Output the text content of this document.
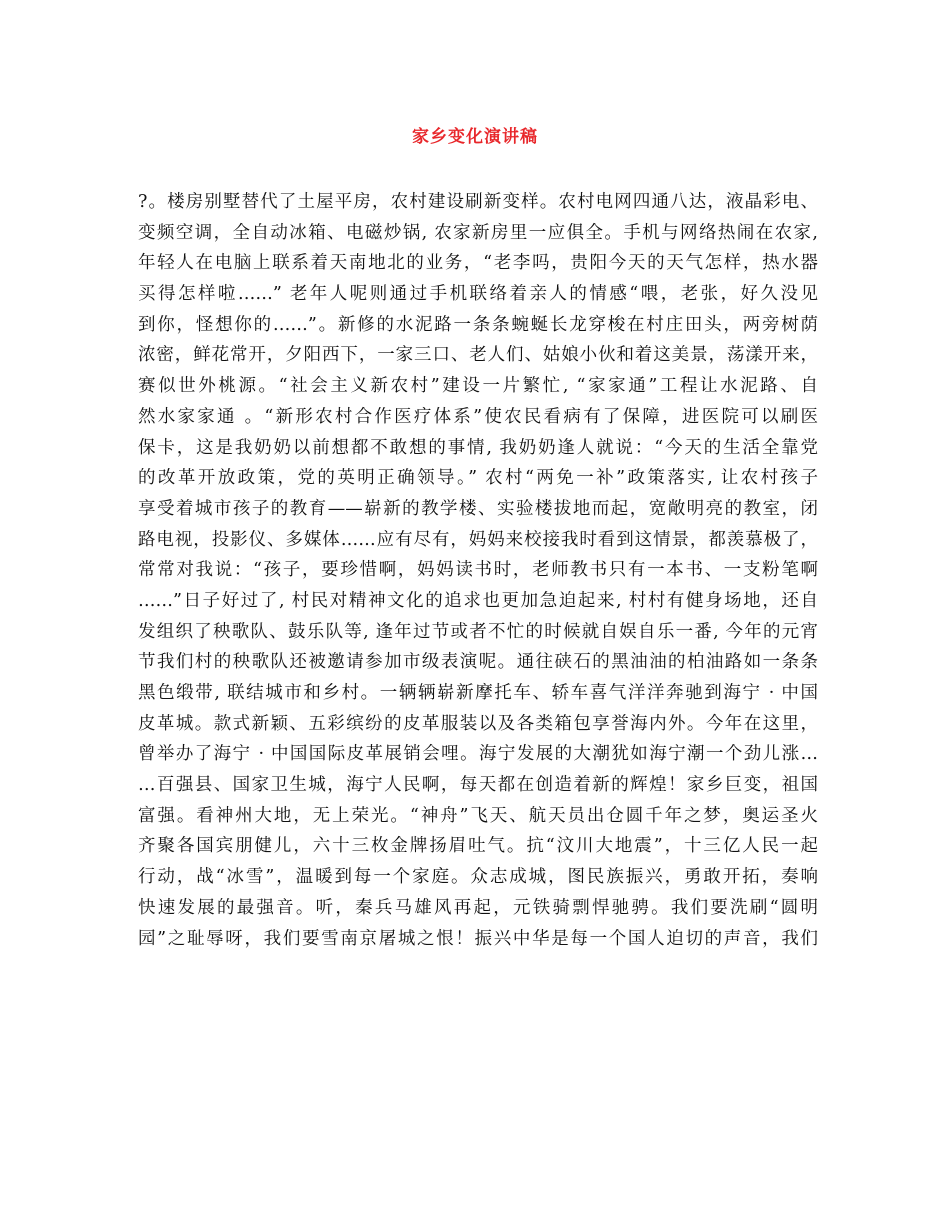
家乡变化演讲稿
?。楼房别墅替代了土屋平房，农村建设刷新变样。农村电网四通八达，液晶彩电、
变频空调，全自动冰箱、电磁炒锅, 农家新房里一应俱全。手机与网络热闹在农家,
年轻人在电脑上联系着天南地北的业务，“老李吗，贵阳今天的天气怎样，热水器
买得怎样啦……” 老年人呢则通过手机联络着亲人的情感“喂，老张，好久没见
到你，怪想你的……”。新修的水泥路一条条蜿蜒长龙穿梭在村庄田头，两旁树荫
浓密，鲜花常开，夕阳西下，一家三口、老人们、姑娘小伙和着这美景，荡漾开来，
赛似世外桃源。“社会主义新农村”建设一片繁忙, “家家通”工程让水泥路、自
然水家家通 。“新形农村合作医疗体系”使农民看病有了保障，进医院可以刷医
保卡，这是我奶奶以前想都不敢想的事情, 我奶奶逢人就说：“今天的生活全靠党
的改革开放政策，党的英明正确领导。” 农村“两免一补”政策落实, 让农村孩子
享受着城市孩子的教育——崭新的教学楼、实验楼拔地而起，宽敞明亮的教室，闭
路电视，投影仪、多媒体……应有尽有，妈妈来校接我时看到这情景，都羡慕极了，
常常对我说：“孩子，要珍惜啊，妈妈读书时，老师教书只有一本书、一支粉笔啊
……”日子好过了, 村民对精神文化的追求也更加急迫起来, 村村有健身场地，还自
发组织了秧歌队、鼓乐队等, 逢年过节或者不忙的时候就自娱自乐一番, 今年的元宵
节我们村的秧歌队还被邀请参加市级表演呢。通往硖石的黑油油的柏油路如一条条
黑色缎带, 联结城市和乡村。一辆辆崭新摩托车、轿车喜气洋洋奔驰到海宁 · 中国
皮革城。款式新颖、五彩缤纷的皮革服装以及各类箱包享誉海内外。今年在这里，
曾举办了海宁 · 中国国际皮革展销会哩。海宁发展的大潮犹如海宁潮一个劲儿涨…
…百强县、国家卫生城，海宁人民啊，每天都在创造着新的辉煌！家乡巨变，祖国
富强。看神州大地，无上荣光。“神舟”飞天、航天员出仓圆千年之梦，奥运圣火
齐聚各国宾朋健儿，六十三枚金牌扬眉吐气。抗“汶川大地震”，十三亿人民一起
行动，战“冰雪”，温暖到每一个家庭。众志成城，图民族振兴，勇敢开拓，奏响
快速发展的最强音。听，秦兵马雄风再起，元铁骑剽悍驰骋。我们要洗刷“圆明
园”之耻辱呀，我们要雪南京屠城之恨！振兴中华是每一个国人迫切的声音，我们
